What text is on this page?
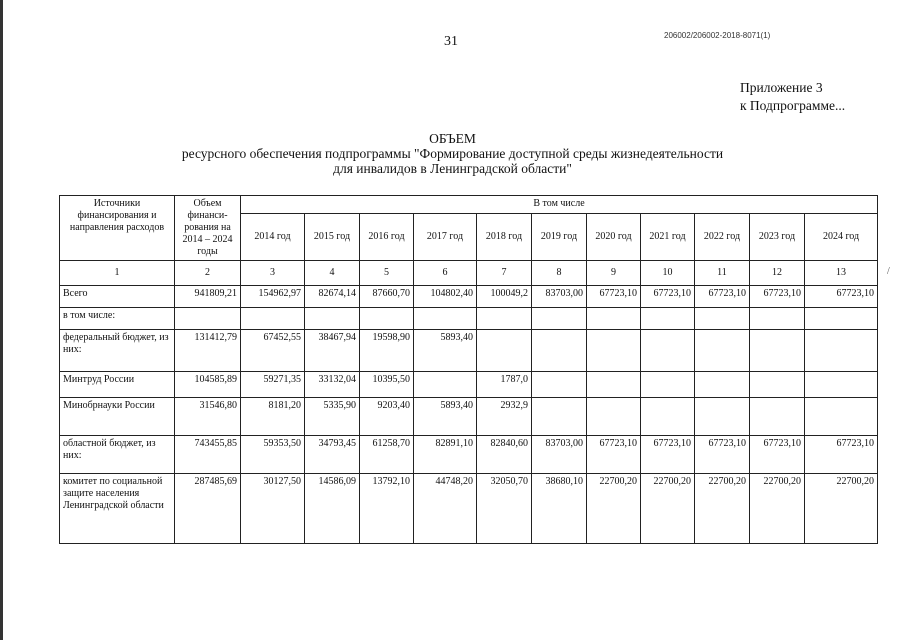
31	206002/206002-2018-8071(1)
Приложение 3
к Подпрограмме...
ОБЪЕМ
ресурсного обеспечения подпрограммы "Формирование доступной среды жизнедеятельности
для инвалидов в Ленинградской области"
/
Источники финансирования и направления расходов	Объем финанси- рования на 2014 – 2024 годы	В том числе										
		2014 год	2015 год	2016 год	2017 год	2018 год	2019 год	2020 год	2021 год	2022 год	2023 год	2024 год
1	2	3	4	5	6	7	8	9	10	11	12	13
Всего	941809,21	154962,97	82674,14	87660,70	104802,40	100049,2	83703,00	67723,10	67723,10	67723,10	67723,10	67723,10
в том числе:												
федеральный бюджет, из них:	131412,79	67452,55	38467,94	19598,90	5893,40							
Минтруд России	104585,89	59271,35	33132,04	10395,50		1787,0						
Минобрнауки России	31546,80	8181,20	5335,90	9203,40	5893,40	2932,9						
областной бюджет, из них:	743455,85	59353,50	34793,45	61258,70	82891,10	82840,60	83703,00	67723,10	67723,10	67723,10	67723,10	67723,10
комитет по социальной защите населения Ленинградской области	287485,69	30127,50	14586,09	13792,10	44748,20	32050,70	38680,10	22700,20	22700,20	22700,20	22700,20	22700,20
